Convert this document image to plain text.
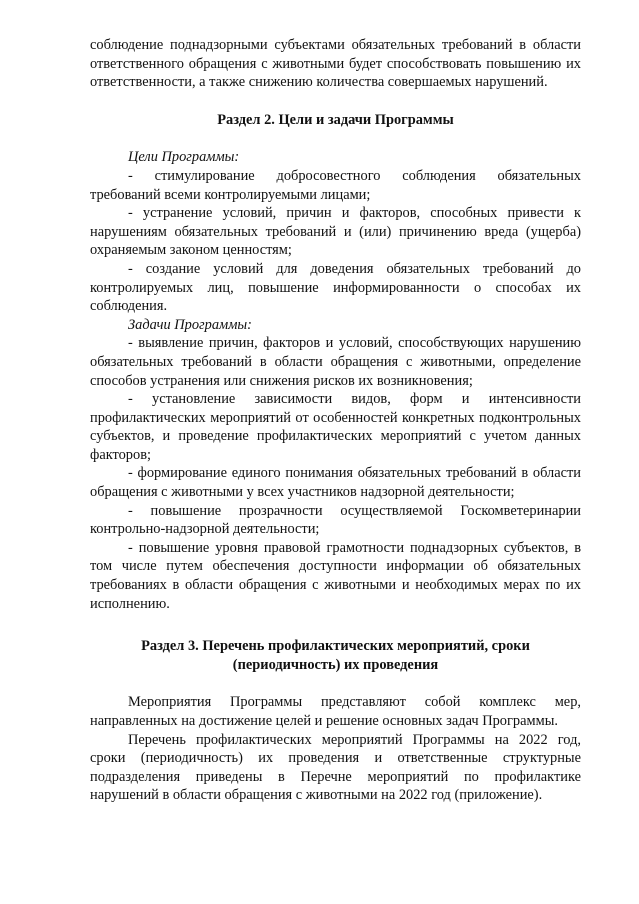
соблюдение поднадзорными субъектами обязательных требований в области ответственного обращения с животными будет способствовать повышению их ответственности, а также снижению количества совершаемых нарушений.

Раздел 2. Цели и задачи Программы

Цели Программы:

- стимулирование добросовестного соблюдения обязательных требований всеми контролируемыми лицами;

- устранение условий, причин и факторов, способных привести к нарушениям обязательных требований и (или) причинению вреда (ущерба) охраняемым законом ценностям;

- создание условий для доведения обязательных требований до контролируемых лиц, повышение информированности о способах их соблюдения.

Задачи Программы:

- выявление причин, факторов и условий, способствующих нарушению обязательных требований в области обращения с животными, определение способов устранения или снижения рисков их возникновения;

- установление зависимости видов, форм и интенсивности профилактических мероприятий от особенностей конкретных подконтрольных субъектов, и проведение профилактических мероприятий с учетом данных факторов;

- формирование единого понимания обязательных требований в области обращения с животными у всех участников надзорной деятельности;

- повышение прозрачности осуществляемой Госкомветеринарии контрольно-надзорной деятельности;

- повышение уровня правовой грамотности поднадзорных субъектов, в том числе путем обеспечения доступности информации об обязательных требованиях в области обращения с животными и необходимых мерах по их исполнению.

Раздел 3. Перечень профилактических мероприятий, сроки
(периодичность) их проведения

Мероприятия Программы представляют собой комплекс мер, направленных на достижение целей и решение основных задач Программы.

Перечень профилактических мероприятий Программы на 2022 год, сроки (периодичность) их проведения и ответственные структурные подразделения приведены в Перечне мероприятий по профилактике нарушений в области обращения с животными на 2022 год (приложение).
